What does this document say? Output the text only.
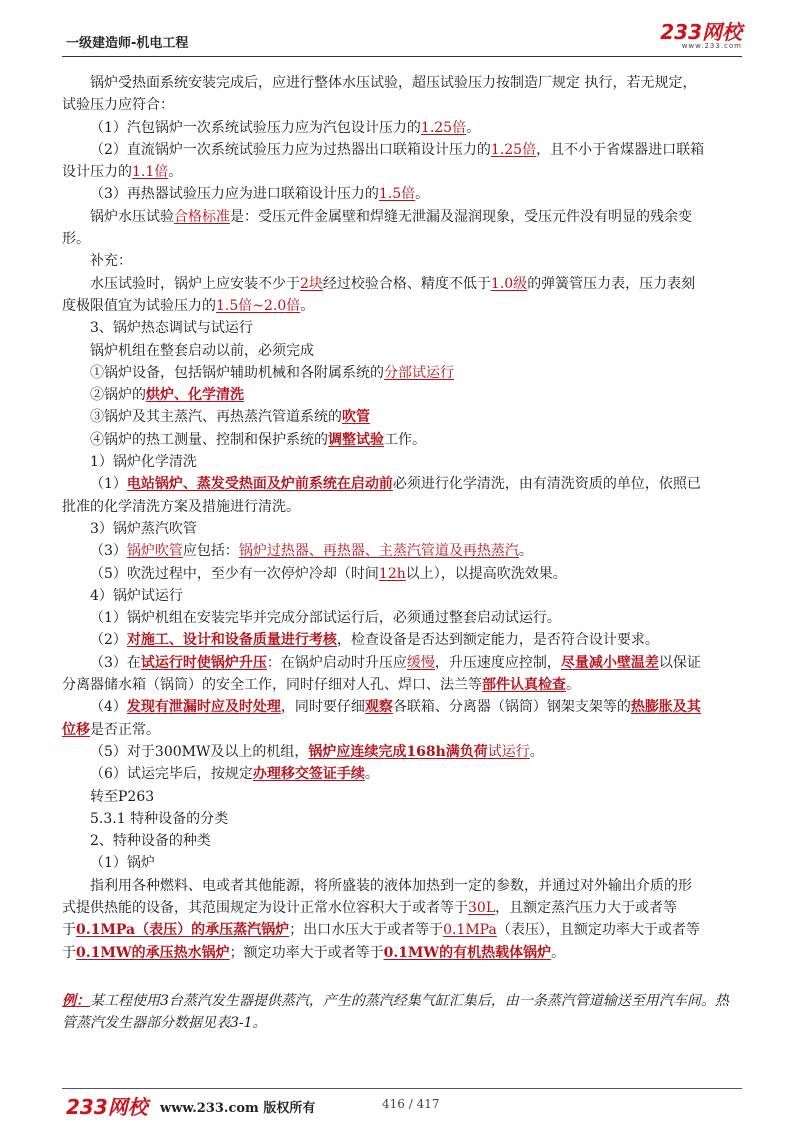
一级建造师-机电工程	233网校
www.233.com

锅炉受热面系统安装完成后，应进行整体水压试验，超压试验压力按制造厂规定 执行，若无规定，

试验压力应符合：

（1）汽包锅炉一次系统试验压力应为汽包设计压力的1.25倍。

（2）直流锅炉一次系统试验压力应为过热器出口联箱设计压力的1.25倍，且不小于省煤器进口联箱

设计压力的1.1倍。

（3）再热器试验压力应为进口联箱设计压力的1.5倍。

锅炉水压试验合格标准是：受压元件金属壁和焊缝无泄漏及湿润现象，受压元件没有明显的残余变

形。

补充：

水压试验时，锅炉上应安装不少于2块经过校验合格、精度不低于1.0级的弹簧管压力表，压力表刻

度极限值宜为试验压力的1.5倍~2.0倍。

3、锅炉热态调试与试运行

锅炉机组在整套启动以前，必须完成

①锅炉设备，包括锅炉辅助机械和各附属系统的分部试运行

②锅炉的烘炉、化学清洗

③锅炉及其主蒸汽、再热蒸汽管道系统的吹管

④锅炉的热工测量、控制和保护系统的调整试验工作。

1）锅炉化学清洗

（1）电站锅炉、蒸发受热面及炉前系统在启动前必须进行化学清洗，由有清洗资质的单位，依照已

批准的化学清洗方案及措施进行清洗。

3）锅炉蒸汽吹管

（3）锅炉吹管应包括：锅炉过热器、再热器、主蒸汽管道及再热蒸汽。

（5）吹洗过程中，至少有一次停炉冷却（时间12h以上），以提高吹洗效果。

4）锅炉试运行

（1）锅炉机组在安装完毕并完成分部试运行后，必须通过整套启动试运行。

（2）对施工、设计和设备质量进行考核，检查设备是否达到额定能力，是否符合设计要求。

（3）在试运行时使锅炉升压：在锅炉启动时升压应缓慢，升压速度应控制，尽量减小壁温差以保证

分离器储水箱（锅筒）的安全工作，同时仔细对人孔、焊口、法兰等部件认真检查。

（4）发现有泄漏时应及时处理，同时要仔细观察各联箱、分离器（锅筒）钢架支架等的热膨胀及其

位移是否正常。

（5）对于300MW及以上的机组，锅炉应连续完成168h满负荷试运行。

（6）试运完毕后，按规定办理移交签证手续。

转至P263

5.3.1 特种设备的分类

2、特种设备的种类

（1）锅炉

指利用各种燃料、电或者其他能源，将所盛装的液体加热到一定的参数，并通过对外输出介质的形

式提供热能的设备，其范围规定为设计正常水位容积大于或者等于30L，且额定蒸汽压力大于或者等

于0.1MPa（表压）的承压蒸汽锅炉；出口水压大于或者等于0.1MPa（表压），且额定功率大于或者等

于0.1MW的承压热水锅炉；额定功率大于或者等于0.1MW的有机热载体锅炉。

例：某工程使用3台蒸汽发生器提供蒸汽，产生的蒸汽经集气缸汇集后，由一条蒸汽管道输送至用汽车间。热管蒸汽发生器部分数据见表3-1。
233网校 www.233.com 版权所有	416 / 417
